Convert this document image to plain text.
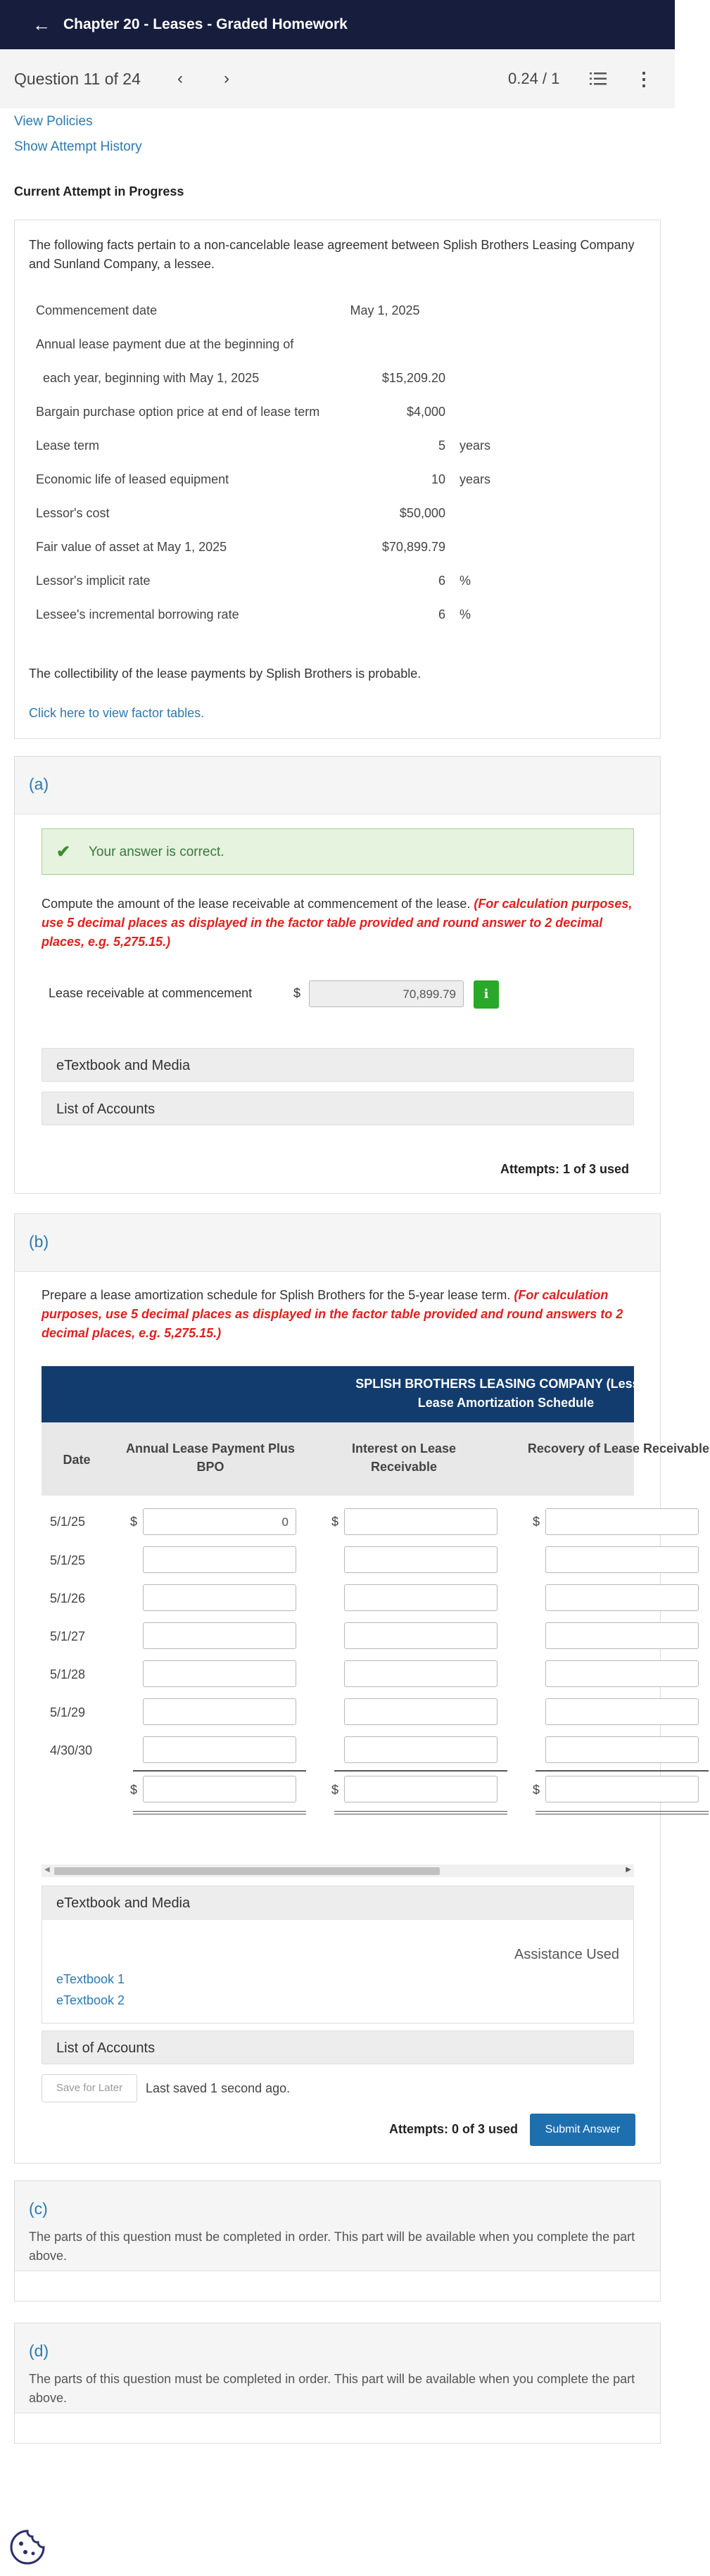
← Chapter 20 - Leases - Graded Homework
Question 11 of 24 ‹ ›	0.24 / 1	⋮
View Policies
Show Attempt History
Current Attempt in Progress
The following facts pertain to a non-cancelable lease agreement between Splish Brothers Leasing Company and Sunland Company, a lessee.
Commencement date	May 1, 2025
Annual lease payment due at the beginning of
each year, beginning with May 1, 2025	$15,209.20
Bargain purchase option price at end of lease term	$4,000
Lease term	5 years
Economic life of leased equipment	10 years
Lessor's cost	$50,000
Fair value of asset at May 1, 2025	$70,899.79
Lessor's implicit rate	6 %
Lessee's incremental borrowing rate	6 %
The collectibility of the lease payments by Splish Brothers is probable.
Click here to view factor tables.
(a)
✔ Your answer is correct.
Compute the amount of the lease receivable at commencement of the lease. (For calculation purposes, use 5 decimal places as displayed in the factor table provided and round answer to 2 decimal places, e.g. 5,275.15.)
Lease receivable at commencement	$	70,899.79	i
eTextbook and Media
List of Accounts
Attempts: 1 of 3 used
(b)
Prepare a lease amortization schedule for Splish Brothers for the 5-year lease term. (For calculation purposes, use 5 decimal places as displayed in the factor table provided and round answers to 2 decimal places, e.g. 5,275.15.)
SPLISH BROTHERS LEASING COMPANY (Lessor)
Lease Amortization Schedule
Date
Annual Lease Payment Plus BPO
Interest on Lease Receivable
Recovery of Lease Receivable
5/1/25	$	0	$	$
5/1/25
5/1/26
5/1/27
5/1/28
5/1/29
4/30/30
$	$	$
◀	▶
eTextbook and Media
Assistance Used
eTextbook 1
eTextbook 2
List of Accounts
Save for Later	Last saved 1 second ago.
Attempts: 0 of 3 used	Submit Answer
(c)
The parts of this question must be completed in order. This part will be available when you complete the part above.
(d)
The parts of this question must be completed in order. This part will be available when you complete the part above.
